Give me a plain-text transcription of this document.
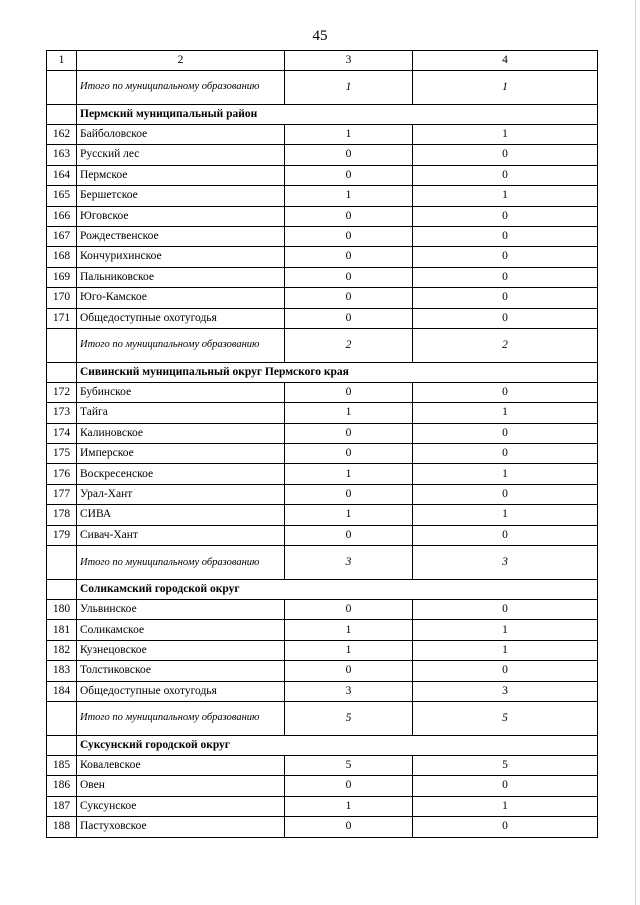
45
1	2	3	4
	Итого по муниципальному образованию	1	1
	Пермский муниципальный район		
162	Байболовское	1	1
163	Русский лес	0	0
164	Пермское	0	0
165	Бершетское	1	1
166	Юговское	0	0
167	Рождественское	0	0
168	Кончурихинское	0	0
169	Пальниковское	0	0
170	Юго-Камское	0	0
171	Общедоступные охотугодья	0	0
	Итого по муниципальному образованию	2	2
	Сивинский муниципальный округ Пермского края		
172	Бубинское	0	0
173	Тайга	1	1
174	Калиновское	0	0
175	Имперское	0	0
176	Воскресенское	1	1
177	Урал-Хант	0	0
178	СИВА	1	1
179	Сивач-Хант	0	0
	Итого по муниципальному образованию	3	3
	Соликамский городской округ		
180	Ульвинское	0	0
181	Соликамское	1	1
182	Кузнецовское	1	1
183	Толстиковское	0	0
184	Общедоступные охотугодья	3	3
	Итого по муниципальному образованию	5	5
	Суксунский городской округ		
185	Ковалевское	5	5
186	Овен	0	0
187	Суксунское	1	1
188	Пастуховское	0	0
